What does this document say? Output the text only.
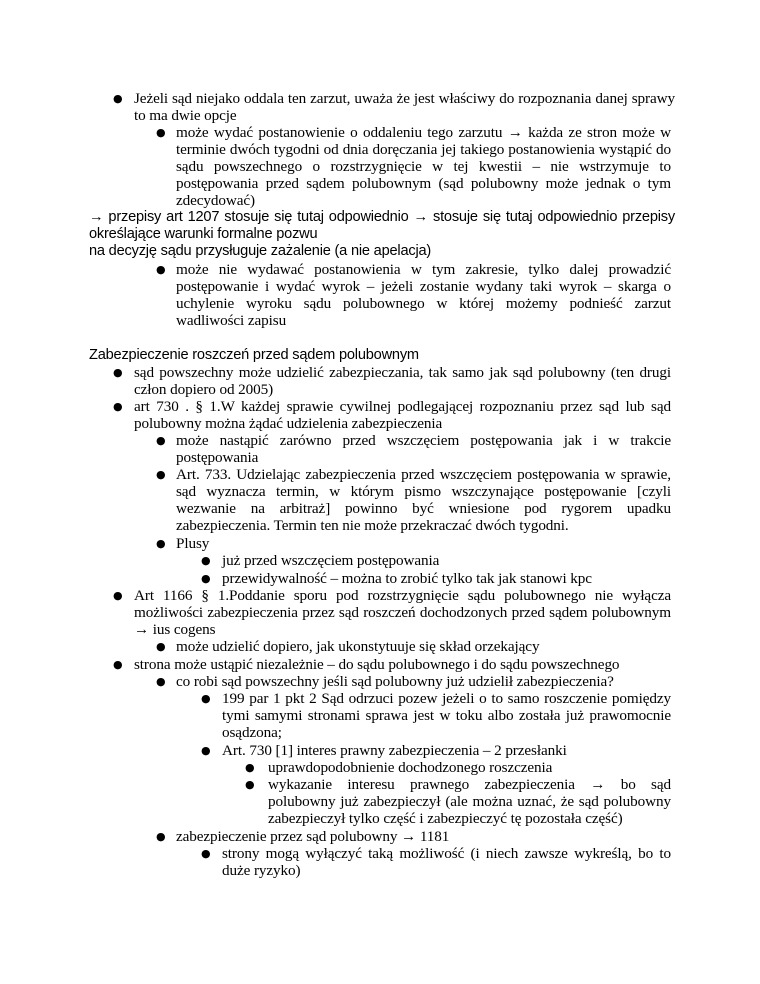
● Jeżeli sąd niejako oddala ten zarzut, uważa że jest właściwy do rozpoznania danej sprawy to ma dwie opcje
● może wydać postanowienie o oddaleniu tego zarzutu → każda ze stron może w terminie dwóch tygodni od dnia doręczania jej takiego postanowienia wystąpić do sądu powszechnego o rozstrzygnięcie w tej kwestii – nie wstrzymuje to postępowania przed sądem polubownym (sąd polubowny może jednak o tym zdecydować)
→ przepisy art 1207 stosuje się tutaj odpowiednio → stosuje się tutaj odpowiednio przepisy określające warunki formalne pozwu
na decyzję sądu przysługuje zażalenie (a nie apelacja)
● może nie wydawać postanowienia w tym zakresie, tylko dalej prowadzić postępowanie i wydać wyrok – jeżeli zostanie wydany taki wyrok – skarga o uchylenie wyroku sądu polubownego w której możemy podnieść zarzut wadliwości zapisu
Zabezpieczenie roszczeń przed sądem polubownym
● sąd powszechny może udzielić zabezpieczania, tak samo jak sąd polubowny (ten drugi człon dopiero od 2005)
● art 730 . § 1.W każdej sprawie cywilnej podlegającej rozpoznaniu przez sąd lub sąd polubowny można żądać udzielenia zabezpieczenia
● może nastąpić zarówno przed wszczęciem postępowania jak i w trakcie postępowania
● Art. 733. Udzielając zabezpieczenia przed wszczęciem postępowania w sprawie, sąd wyznacza termin, w którym pismo wszczynające postępowanie [czyli wezwanie na arbitraż] powinno być wniesione pod rygorem upadku zabezpieczenia. Termin ten nie może przekraczać dwóch tygodni.
● Plusy
● już przed wszczęciem postępowania
● przewidywalność – można to zrobić tylko tak jak stanowi kpc
● Art 1166 § 1.Poddanie sporu pod rozstrzygnięcie sądu polubownego nie wyłącza możliwości zabezpieczenia przez sąd roszczeń dochodzonych przed sądem polubownym → ius cogens
● może udzielić dopiero, jak ukonstytuuje się skład orzekający
● strona może ustąpić niezależnie – do sądu polubownego i do sądu powszechnego
● co robi sąd powszechny jeśli sąd polubowny już udzielił zabezpieczenia?
● 199 par 1 pkt 2 Sąd odrzuci pozew jeżeli o to samo roszczenie pomiędzy tymi samymi stronami sprawa jest w toku albo została już prawomocnie osądzona;
● Art. 730 [1] interes prawny zabezpieczenia – 2 przesłanki
● uprawdopodobnienie dochodzonego roszczenia
● wykazanie interesu prawnego zabezpieczenia → bo sąd polubowny już zabezpieczył (ale można uznać, że sąd polubowny zabezpieczył tylko część i zabezpieczyć tę pozostała część)
● zabezpieczenie przez sąd polubowny → 1181
● strony mogą wyłączyć taką możliwość (i niech zawsze wykreślą, bo to duże ryzyko)
